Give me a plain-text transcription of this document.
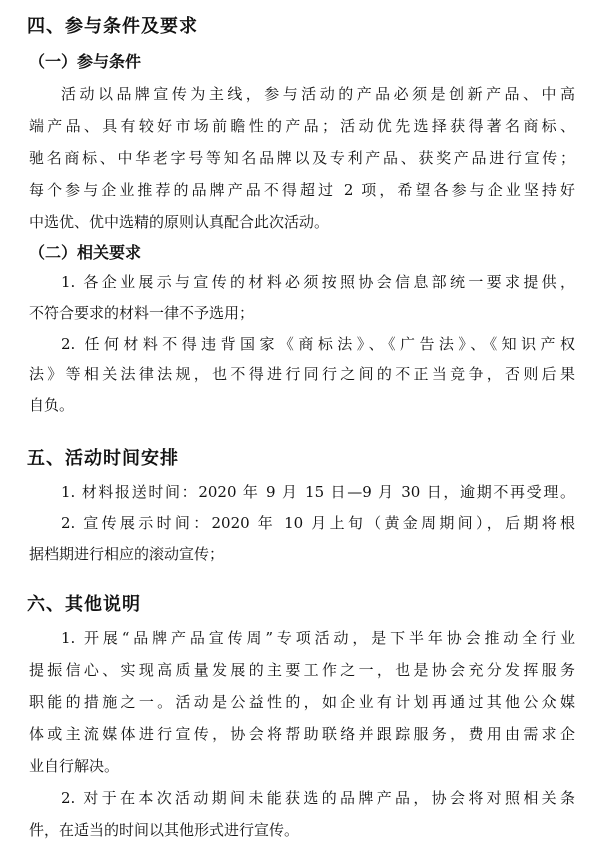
四、参与条件及要求
（一）参与条件
活动以品牌宣传为主线，参与活动的产品必须是创新产品、中高
端产品、具有较好市场前瞻性的产品；活动优先选择获得著名商标、
驰名商标、中华老字号等知名品牌以及专利产品、获奖产品进行宣传；
每个参与企业推荐的品牌产品不得超过 2 项，希望各参与企业坚持好
中选优、优中选精的原则认真配合此次活动。
（二）相关要求
1. 各企业展示与宣传的材料必须按照协会信息部统一要求提供，
不符合要求的材料一律不予选用；
2. 任何材料不得违背国家《商标法》、《广告法》、《知识产权
法》等相关法律法规，也不得进行同行之间的不正当竞争，否则后果
自负。
五、活动时间安排
1. 材料报送时间：2020 年 9 月 15 日—9 月 30 日，逾期不再受理。
2. 宣传展示时间：2020 年 10 月上旬（黄金周期间），后期将根
据档期进行相应的滚动宣传；
六、其他说明
1. 开展“品牌产品宣传周”专项活动，是下半年协会推动全行业
提振信心、实现高质量发展的主要工作之一，也是协会充分发挥服务
职能的措施之一。活动是公益性的，如企业有计划再通过其他公众媒
体或主流媒体进行宣传，协会将帮助联络并跟踪服务，费用由需求企
业自行解决。
2. 对于在本次活动期间未能获选的品牌产品，协会将对照相关条
件，在适当的时间以其他形式进行宣传。
